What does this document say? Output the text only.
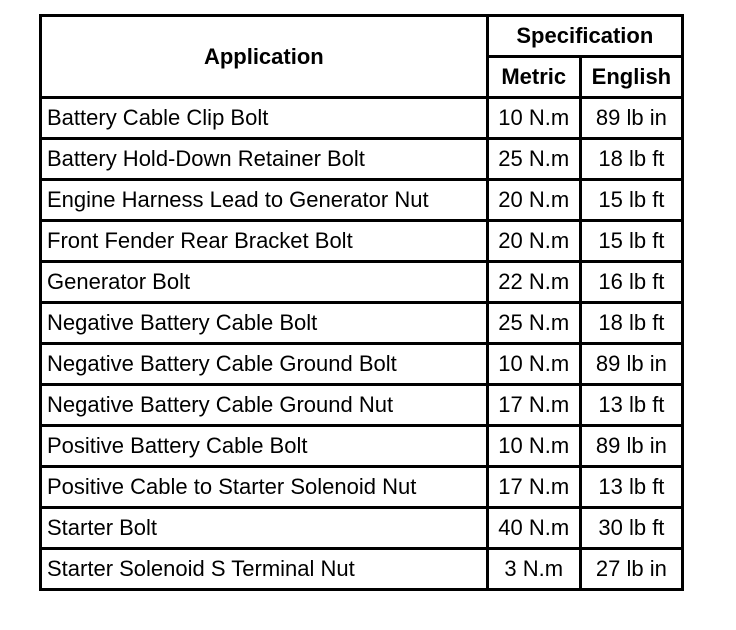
Application	Specification	
	Metric	English
Battery Cable Clip Bolt	10 N.m	89 lb in
Battery Hold-Down Retainer Bolt	25 N.m	18 lb ft
Engine Harness Lead to Generator Nut	20 N.m	15 lb ft
Front Fender Rear Bracket Bolt	20 N.m	15 lb ft
Generator Bolt	22 N.m	16 lb ft
Negative Battery Cable Bolt	25 N.m	18 lb ft
Negative Battery Cable Ground Bolt	10 N.m	89 lb in
Negative Battery Cable Ground Nut	17 N.m	13 lb ft
Positive Battery Cable Bolt	10 N.m	89 lb in
Positive Cable to Starter Solenoid Nut	17 N.m	13 lb ft
Starter Bolt	40 N.m	30 lb ft
Starter Solenoid S Terminal Nut	3 N.m	27 lb in
